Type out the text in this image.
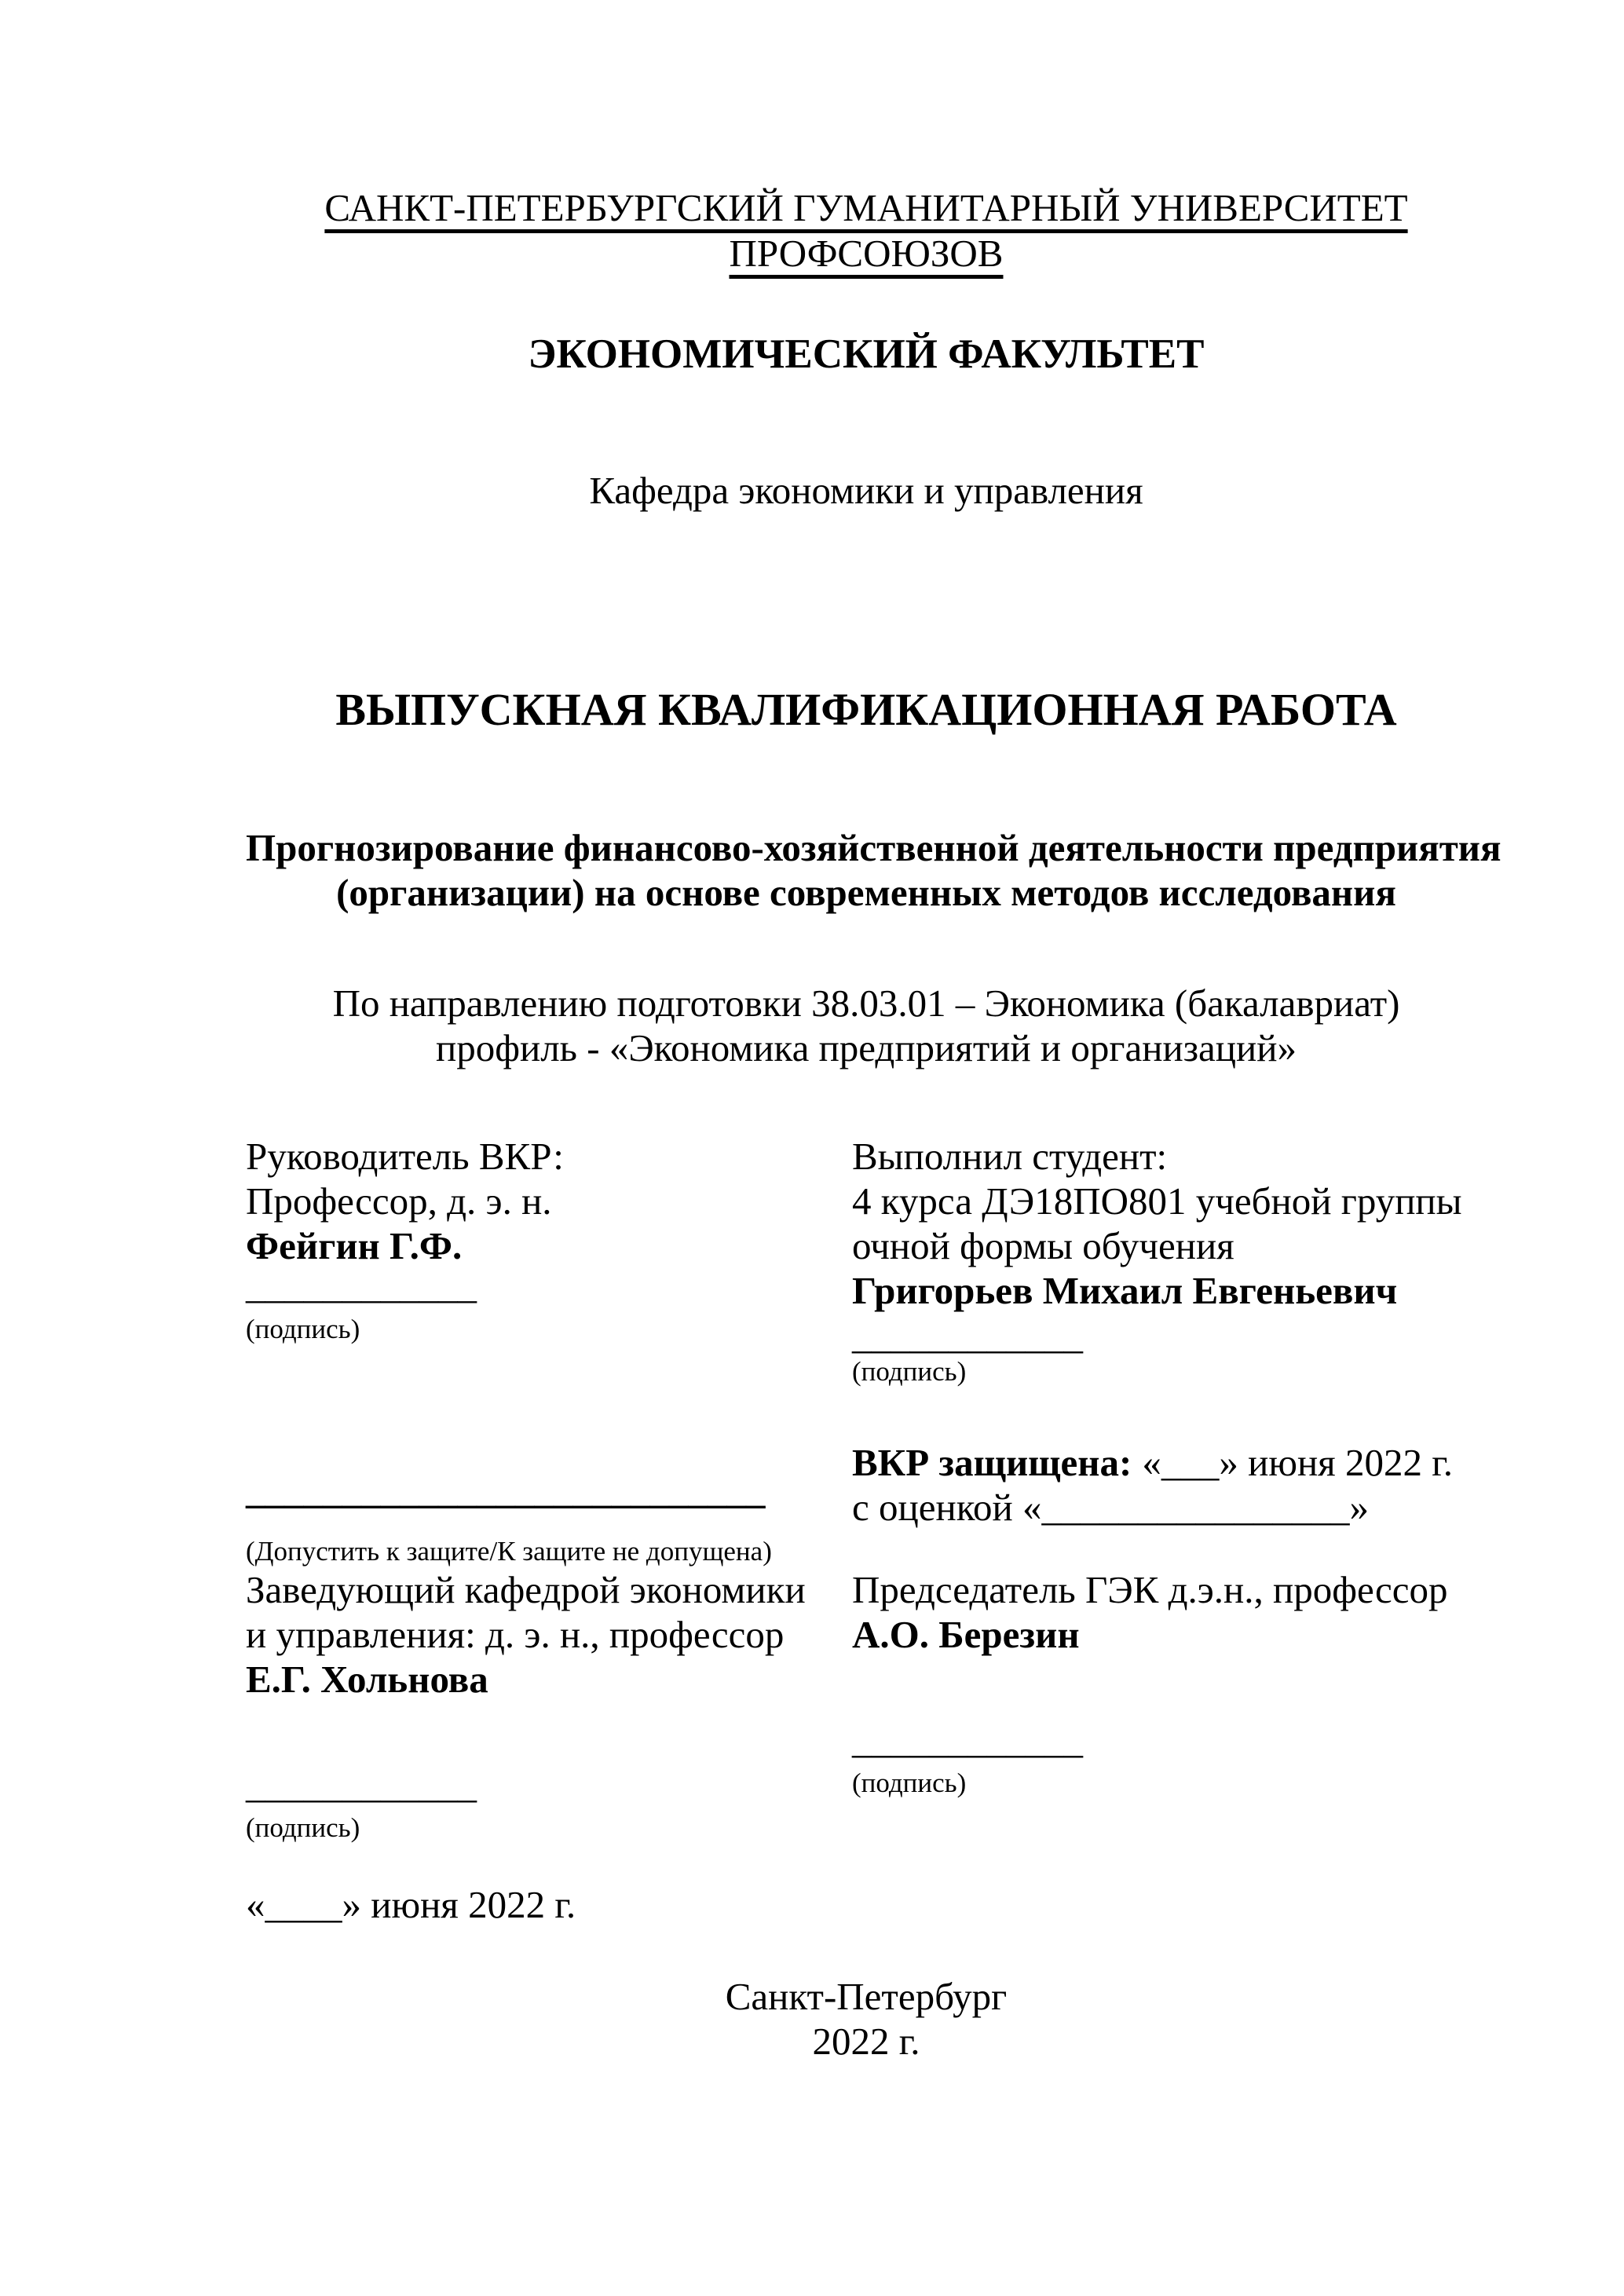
САНКТ-ПЕТЕРБУРГСКИЙ ГУМАНИТАРНЫЙ УНИВЕРСИТЕТ
ПРОФСОЮЗОВ
ЭКОНОМИЧЕСКИЙ ФАКУЛЬТЕТ
Кафедра экономики и управления
ВЫПУСКНАЯ КВАЛИФИКАЦИОННАЯ РАБОТА
Прогнозирование финансово-хозяйственной деятельности предприятия
(организации) на основе современных методов исследования
По направлению подготовки 38.03.01 – Экономика (бакалавриат)
профиль - «Экономика предприятий и организаций»
Руководитель ВКР:
Профессор, д. э. н.
Фейгин Г.Ф.
____________
(подпись)
Выполнил студент:
4 курса ДЭ18ПО801 учебной группы
очной формы обучения
Григорьев Михаил Евгеньевич
____________
(подпись)
ВКР защищена: «___» июня 2022 г.
с оценкой «________________»
___________________________
(Допустить к защите/К защите не допущена)
Заведующий кафедрой экономики
и управления: д. э. н., профессор
Е.Г. Хольнова
____________
(подпись)
«____» июня 2022 г.
Председатель ГЭК д.э.н., профессор
А.О. Березин
____________
(подпись)
Санкт-Петербург
2022 г.
